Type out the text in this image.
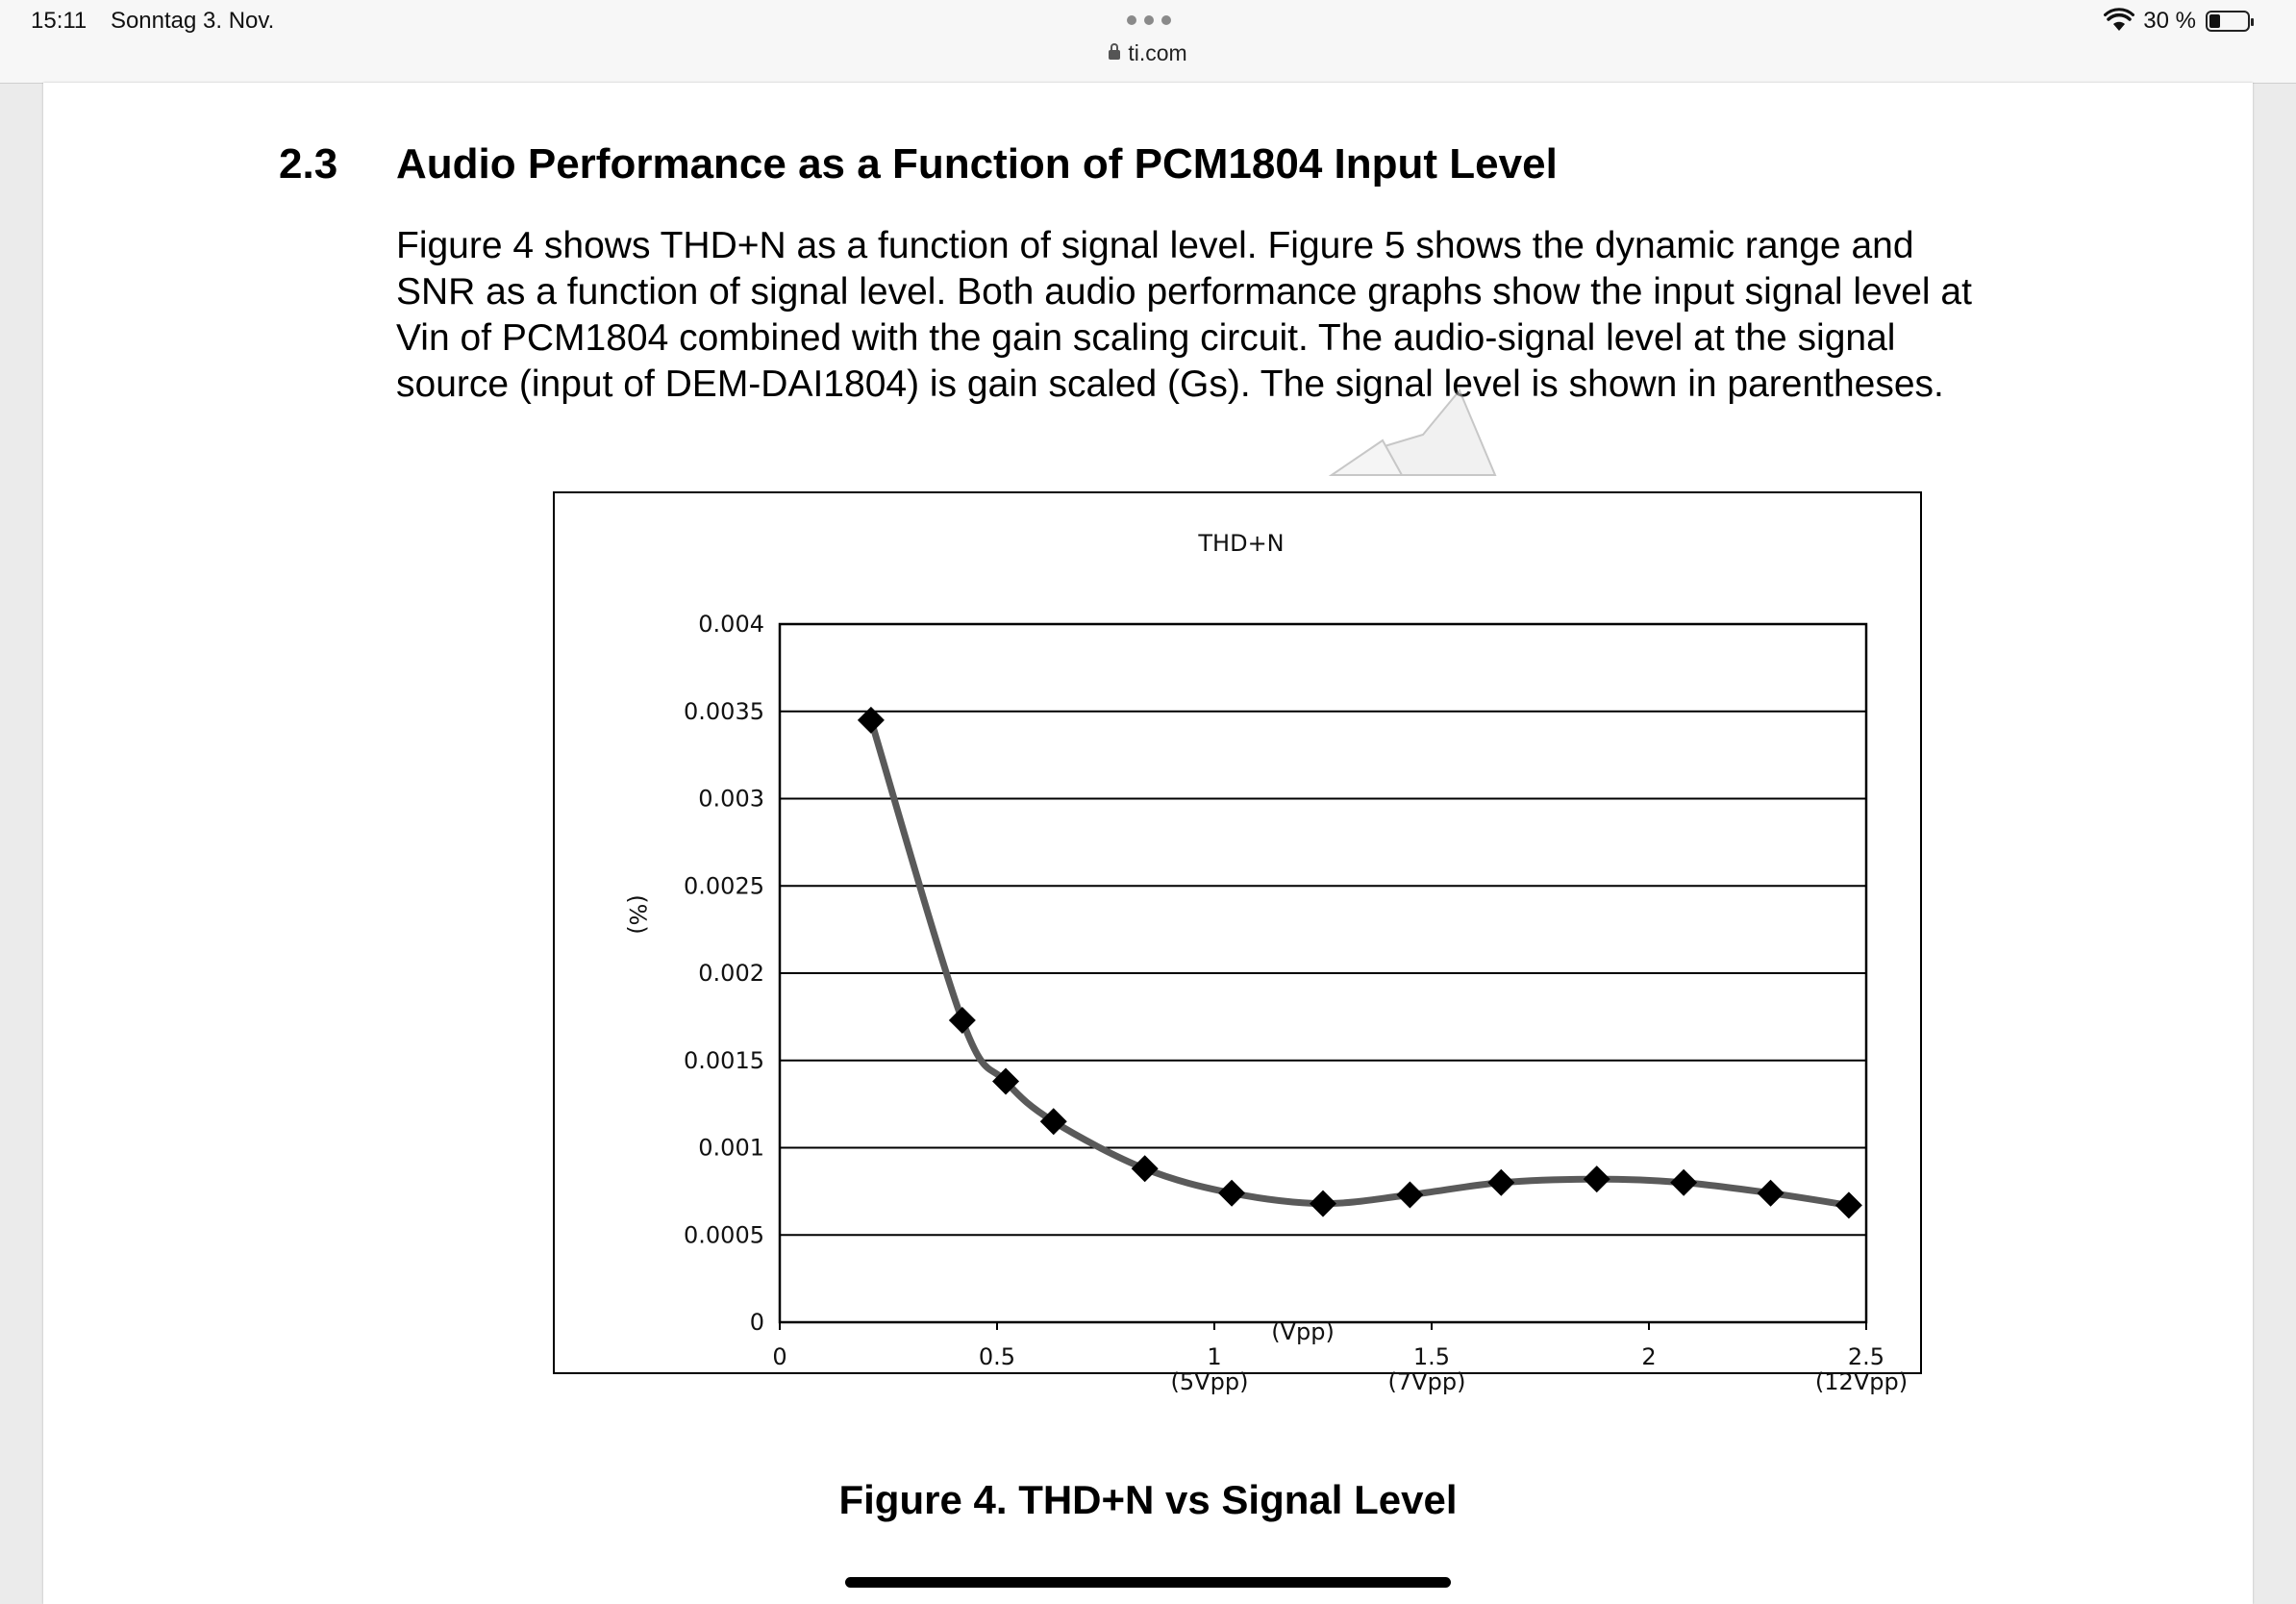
15:11 Sonntag 3. Nov.
ti.com
30 %
2.3 Audio Performance as a Function of PCM1804 Input Level
Figure 4 shows THD+N as a function of signal level. Figure 5 shows the dynamic range and
SNR as a function of signal level. Both audio performance graphs show the input signal level at
Vin of PCM1804 combined with the gain scaling circuit. The audio-signal level at the signal
source (input of DEM-DAI1804) is gain scaled (Gs). The signal level is shown in parentheses.
THD+N
0
0.0005
0.001
0.0015
0.002
0.0025
0.003
0.0035
0.004
0	0.5	1
(5Vpp)
1.5
(7Vpp)
2	2.5
(12Vpp)
(Vpp)
(%)
Figure 4. THD+N vs Signal Level
